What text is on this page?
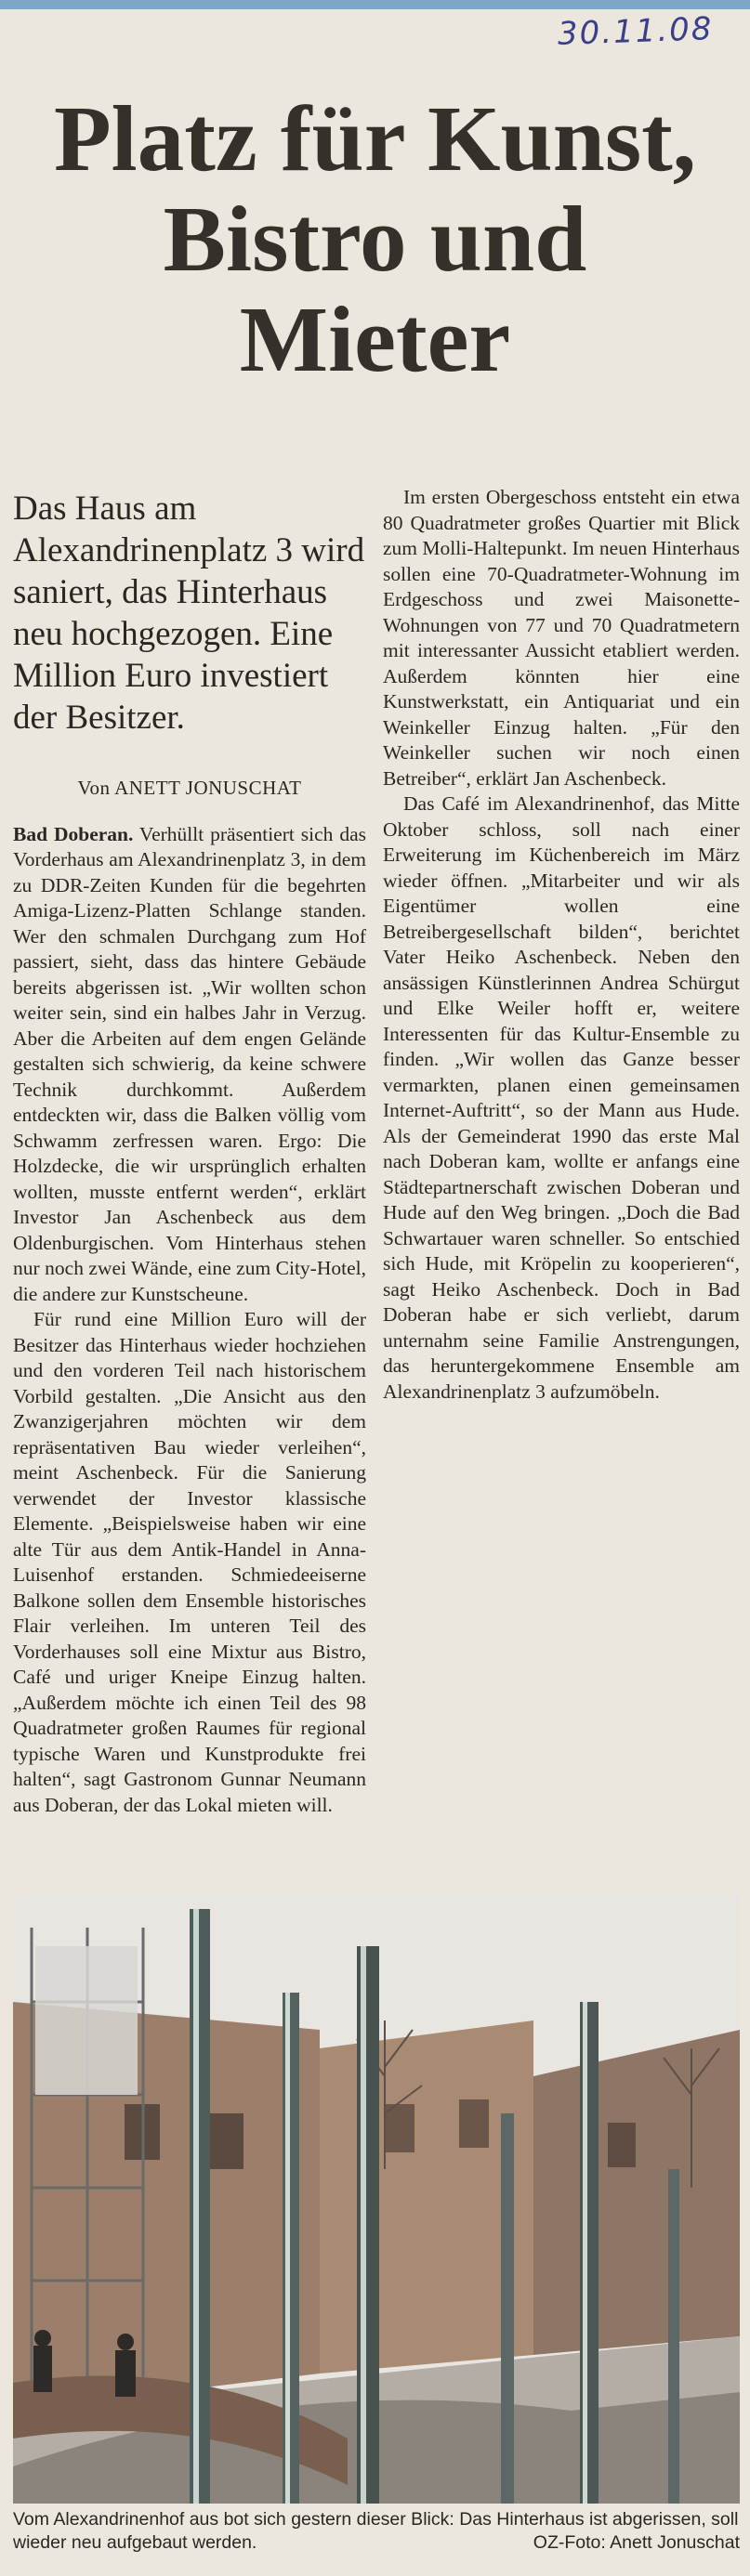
30.11.08
Platz für Kunst, Bistro und Mieter
Das Haus am Alexandrinenplatz 3 wird saniert, das Hinterhaus neu hochgezogen. Eine Million Euro investiert der Besitzer.
Von ANETT JONUSCHAT

Bad Doberan. Verhüllt präsentiert sich das Vorderhaus am Alexandrinenplatz 3, in dem zu DDR-Zeiten Kunden für die begehrten Amiga-Lizenz-Platten Schlange standen. Wer den schmalen Durchgang zum Hof passiert, sieht, dass das hintere Gebäude bereits abgerissen ist. „Wir wollten schon weiter sein, sind ein halbes Jahr in Verzug. Aber die Arbeiten auf dem engen Gelände gestalten sich schwierig, da keine schwere Technik durchkommt. Außerdem entdeckten wir, dass die Balken völlig vom Schwamm zerfressen waren. Ergo: Die Holzdecke, die wir ursprünglich erhalten wollten, musste entfernt werden“, erklärt Investor Jan Aschenbeck aus dem Oldenburgischen. Vom Hinterhaus stehen nur noch zwei Wände, eine zum City-Hotel, die andere zur Kunstscheune.

Für rund eine Million Euro will der Besitzer das Hinterhaus wieder hochziehen und den vorderen Teil nach historischem Vorbild gestalten. „Die Ansicht aus den Zwanzigerjahren möchten wir dem repräsentativen Bau wieder verleihen“, meint Aschenbeck. Für die Sanierung verwendet der Investor klassische Elemente. „Beispielsweise haben wir eine alte Tür aus dem Antik-Handel in Anna-Luisenhof erstanden. Schmiedeeiserne Balkone sollen dem Ensemble historisches Flair verleihen. Im unteren Teil des Vorderhauses soll eine Mixtur aus Bistro, Café und uriger Kneipe Einzug halten. „Außerdem möchte ich einen Teil des 98 Quadratmeter großen Raumes für regional typische Waren und Kunstprodukte frei halten“, sagt Gastronom Gunnar Neumann aus Doberan, der das Lokal mieten will.

Im ersten Obergeschoss entsteht ein etwa 80 Quadratmeter großes Quartier mit Blick zum Molli-Haltepunkt. Im neuen Hinterhaus sollen eine 70-Quadratmeter-Wohnung im Erdgeschoss und zwei Maisonette-Wohnungen von 77 und 70 Quadratmetern mit interessanter Aussicht etabliert werden. Außerdem könnten hier eine Kunstwerkstatt, ein Antiquariat und ein Weinkeller Einzug halten. „Für den Weinkeller suchen wir noch einen Betreiber“, erklärt Jan Aschenbeck.

Das Café im Alexandrinenhof, das Mitte Oktober schloss, soll nach einer Erweiterung im Küchenbereich im März wieder öffnen. „Mitarbeiter und wir als Eigentümer wollen eine Betreibergesellschaft bilden“, berichtet Vater Heiko Aschenbeck. Neben den ansässigen Künstlerinnen Andrea Schürgut und Elke Weiler hofft er, weitere Interessenten für das Kultur-Ensemble zu finden. „Wir wollen das Ganze besser vermarkten, planen einen gemeinsamen Internet-Auftritt“, so der Mann aus Hude. Als der Gemeinderat 1990 das erste Mal nach Doberan kam, wollte er anfangs eine Städtepartnerschaft zwischen Doberan und Hude auf den Weg bringen. „Doch die Bad Schwartauer waren schneller. So entschied sich Hude, mit Kröpelin zu kooperieren“, sagt Heiko Aschenbeck. Doch in Bad Doberan habe er sich verliebt, darum unternahm seine Familie Anstrengungen, das heruntergekommene Ensemble am Alexandrinenplatz 3 aufzumöbeln.

Vom Alexandrinenhof aus bot sich gestern dieser Blick: Das Hinterhaus ist abgerissen, soll wieder neu aufgebaut werden.	OZ-Foto: Anett Jonuschat
